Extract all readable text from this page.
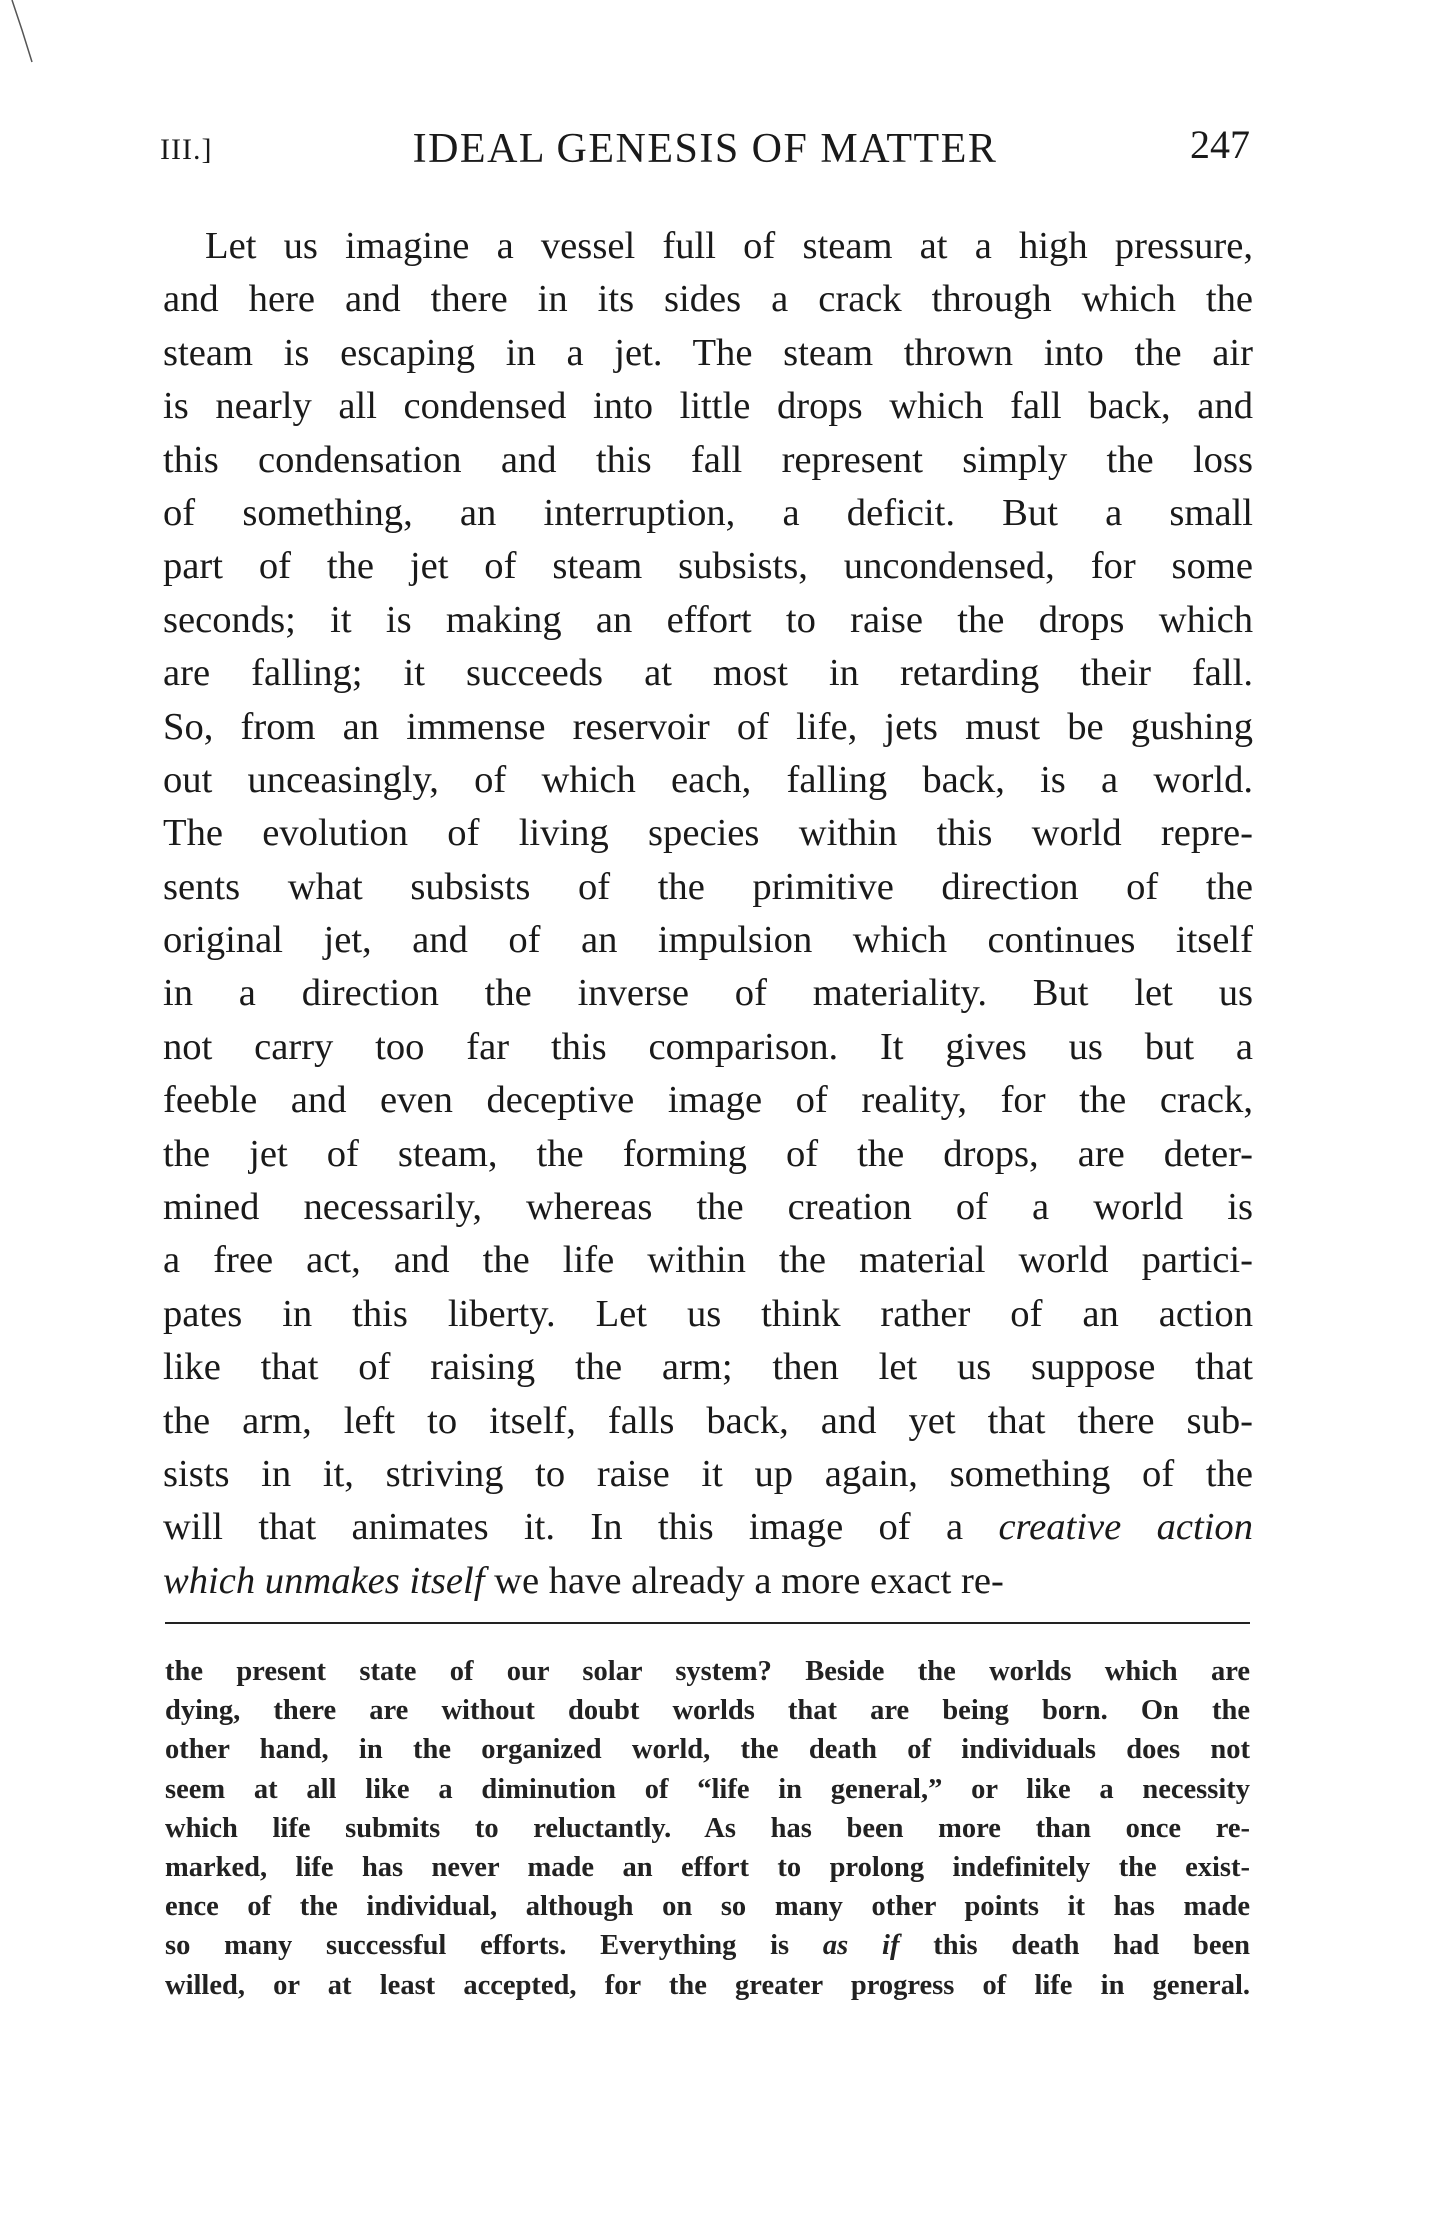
III.]	IDEAL GENESIS OF MATTER	247
Let us imagine a vessel full of steam at a high pressure,
and here and there in its sides a crack through which the
steam is escaping in a jet. The steam thrown into the air
is nearly all condensed into little drops which fall back, and
this condensation and this fall represent simply the loss
of something, an interruption, a deficit. But a small
part of the jet of steam subsists, uncondensed, for some
seconds; it is making an effort to raise the drops which
are falling; it succeeds at most in retarding their fall.
So, from an immense reservoir of life, jets must be gushing
out unceasingly, of which each, falling back, is a world.
The evolution of living species within this world repre-
sents what subsists of the primitive direction of the
original jet, and of an impulsion which continues itself
in a direction the inverse of materiality. But let us
not carry too far this comparison. It gives us but a
feeble and even deceptive image of reality, for the crack,
the jet of steam, the forming of the drops, are deter-
mined necessarily, whereas the creation of a world is
a free act, and the life within the material world partici-
pates in this liberty. Let us think rather of an action
like that of raising the arm; then let us suppose that
the arm, left to itself, falls back, and yet that there sub-
sists in it, striving to raise it up again, something of the
will that animates it. In this image of a creative action
which unmakes itself we have already a more exact re-
the present state of our solar system? Beside the worlds which are
dying, there are without doubt worlds that are being born. On the
other hand, in the organized world, the death of individuals does not
seem at all like a diminution of “life in general,” or like a necessity
which life submits to reluctantly. As has been more than once re-
marked, life has never made an effort to prolong indefinitely the exist-
ence of the individual, although on so many other points it has made
so many successful efforts. Everything is as if this death had been
willed, or at least accepted, for the greater progress of life in general.
